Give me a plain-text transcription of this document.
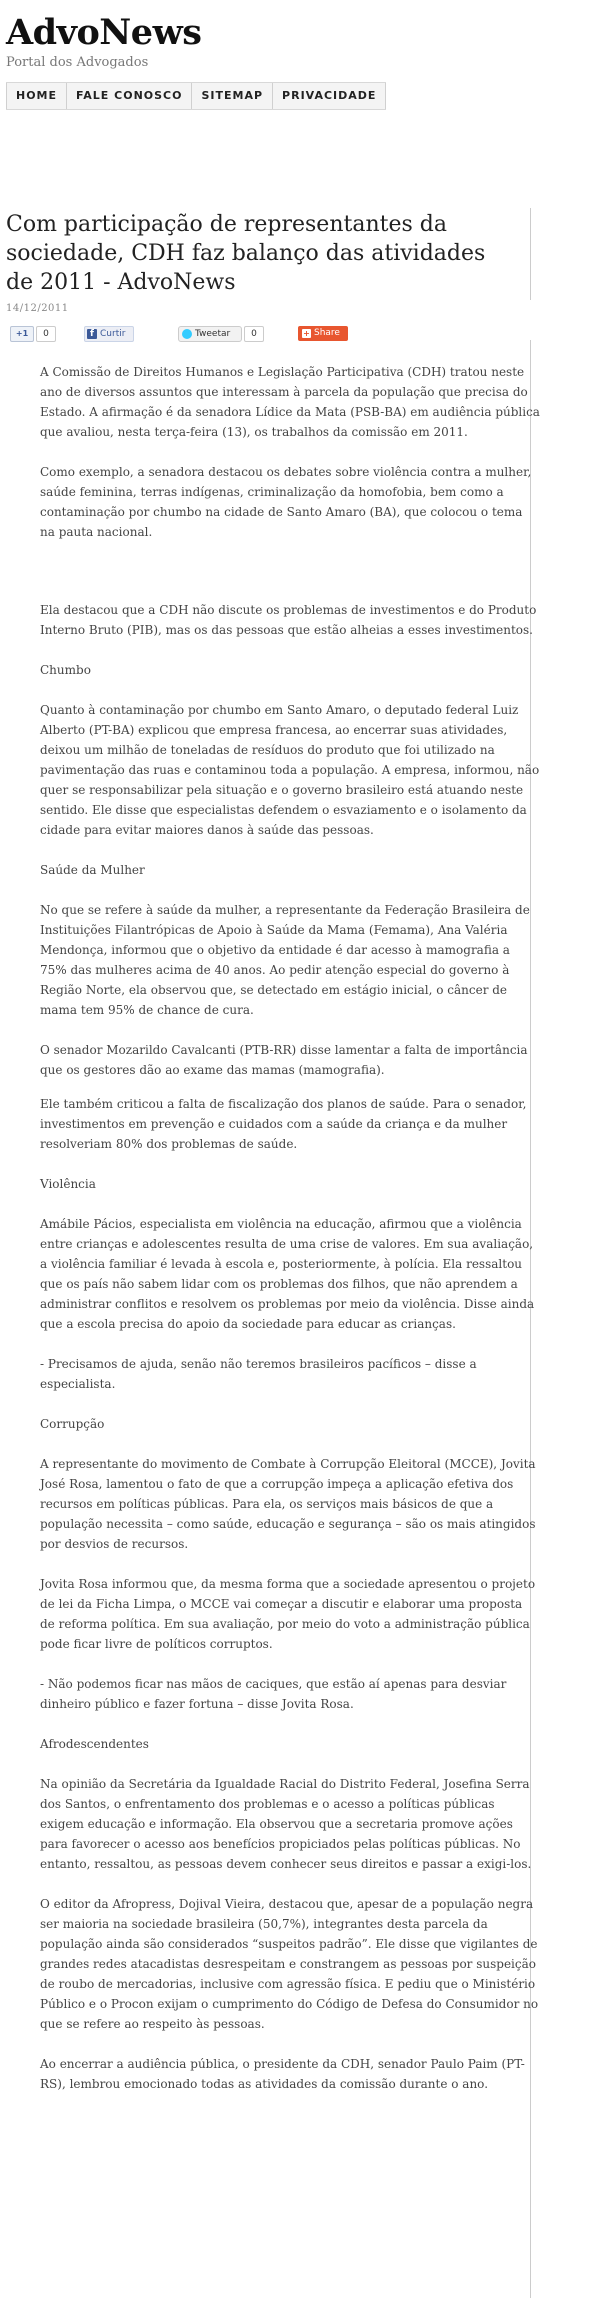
AdvoNews
Portal dos Advogados
HOME	FALE CONOSCO	SITEMAP	PRIVACIDADE
Com participação de representantes da sociedade, CDH faz balanço das atividades de 2011 - AdvoNews
14/12/2011
+1	0	f Curtir	Tweetar	0	+ Share

A Comissão de Direitos Humanos e Legislação Participativa (CDH) tratou neste ano de diversos assuntos que interessam à parcela da população que precisa do Estado. A afirmação é da senadora Lídice da Mata (PSB-BA) em audiência pública que avaliou, nesta terça-feira (13), os trabalhos da comissão em 2011.

Como exemplo, a senadora destacou os debates sobre violência contra a mulher, saúde feminina, terras indígenas, criminalização da homofobia, bem como a contaminação por chumbo na cidade de Santo Amaro (BA), que colocou o tema na pauta nacional.

Ela destacou que a CDH não discute os problemas de investimentos e do Produto Interno Bruto (PIB), mas os das pessoas que estão alheias a esses investimentos.

Chumbo

Quanto à contaminação por chumbo em Santo Amaro, o deputado federal Luiz Alberto (PT-BA) explicou que empresa francesa, ao encerrar suas atividades, deixou um milhão de toneladas de resíduos do produto que foi utilizado na pavimentação das ruas e contaminou toda a população. A empresa, informou, não quer se responsabilizar pela situação e o governo brasileiro está atuando neste sentido. Ele disse que especialistas defendem o esvaziamento e o isolamento da cidade para evitar maiores danos à saúde das pessoas.

Saúde da Mulher

No que se refere à saúde da mulher, a representante da Federação Brasileira de Instituições Filantrópicas de Apoio à Saúde da Mama (Femama), Ana Valéria Mendonça, informou que o objetivo da entidade é dar acesso à mamografia a 75% das mulheres acima de 40 anos. Ao pedir atenção especial do governo à Região Norte, ela observou que, se detectado em estágio inicial, o câncer de mama tem 95% de chance de cura.

O senador Mozarildo Cavalcanti (PTB-RR) disse lamentar a falta de importância que os gestores dão ao exame das mamas (mamografia).

Ele também criticou a falta de fiscalização dos planos de saúde. Para o senador, investimentos em prevenção e cuidados com a saúde da criança e da mulher resolveriam 80% dos problemas de saúde.

Violência

Amábile Pácios, especialista em violência na educação, afirmou que a violência entre crianças e adolescentes resulta de uma crise de valores. Em sua avaliação, a violência familiar é levada à escola e, posteriormente, à polícia. Ela ressaltou que os país não sabem lidar com os problemas dos filhos, que não aprendem a administrar conflitos e resolvem os problemas por meio da violência. Disse ainda que a escola precisa do apoio da sociedade para educar as crianças.

- Precisamos de ajuda, senão não teremos brasileiros pacíficos – disse a especialista.

Corrupção

A representante do movimento de Combate à Corrupção Eleitoral (MCCE), Jovita José Rosa, lamentou o fato de que a corrupção impeça a aplicação efetiva dos recursos em políticas públicas. Para ela, os serviços mais básicos de que a população necessita – como saúde, educação e segurança – são os mais atingidos por desvios de recursos.

Jovita Rosa informou que, da mesma forma que a sociedade apresentou o projeto de lei da Ficha Limpa, o MCCE vai começar a discutir e elaborar uma proposta de reforma política. Em sua avaliação, por meio do voto a administração pública pode ficar livre de políticos corruptos.

- Não podemos ficar nas mãos de caciques, que estão aí apenas para desviar dinheiro público e fazer fortuna – disse Jovita Rosa.

Afrodescendentes

Na opinião da Secretária da Igualdade Racial do Distrito Federal, Josefina Serra dos Santos, o enfrentamento dos problemas e o acesso a políticas públicas exigem educação e informação. Ela observou que a secretaria promove ações para favorecer o acesso aos benefícios propiciados pelas políticas públicas. No entanto, ressaltou, as pessoas devem conhecer seus direitos e passar a exigi-los.

O editor da Afropress, Dojival Vieira, destacou que, apesar de a população negra ser maioria na sociedade brasileira (50,7%), integrantes desta parcela da população ainda são considerados “suspeitos padrão”. Ele disse que vigilantes de grandes redes atacadistas desrespeitam e constrangem as pessoas por suspeição de roubo de mercadorias, inclusive com agressão física. E pediu que o Ministério Público e o Procon exijam o cumprimento do Código de Defesa do Consumidor no que se refere ao respeito às pessoas.

Ao encerrar a audiência pública, o presidente da CDH, senador Paulo Paim (PT-RS), lembrou emocionado todas as atividades da comissão durante o ano.
